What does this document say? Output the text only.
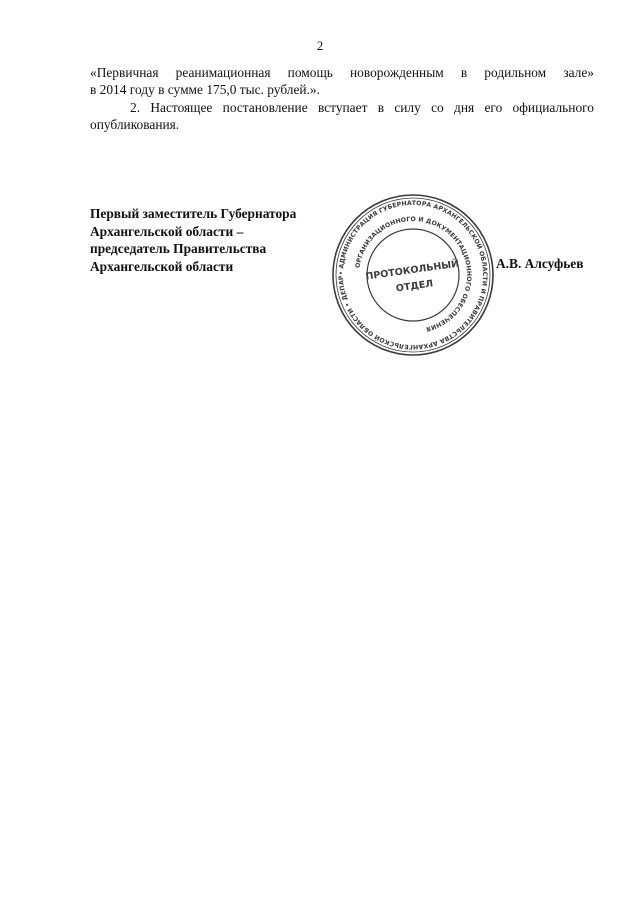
2

«Первичная реанимационная помощь новорожденным в родильном зале»

в 2014 году в сумме 175,0 тыс. рублей.».

2. Настоящее постановление вступает в силу со дня его официального

опубликования.

Первый заместитель Губернатора
Архангельской области –
председатель Правительства
Архангельской области	• АДМИНИСТРАЦИЯ ГУБЕРНАТОРА АРХАНГЕЛЬСКОЙ ОБЛАСТИ И ПРАВИТЕЛЬСТВА АРХАНГЕЛЬСКОЙ ОБЛАСТИ • ДЕПАРТАМЕНТ •
ОРГАНИЗАЦИОННОГО И ДОКУМЕНТАЦИОННОГО ОБЕСПЕЧЕНИЯ
ПРОТОКОЛЬНЫЙ
ОТДЕЛ
А.В. Алсуфьев
